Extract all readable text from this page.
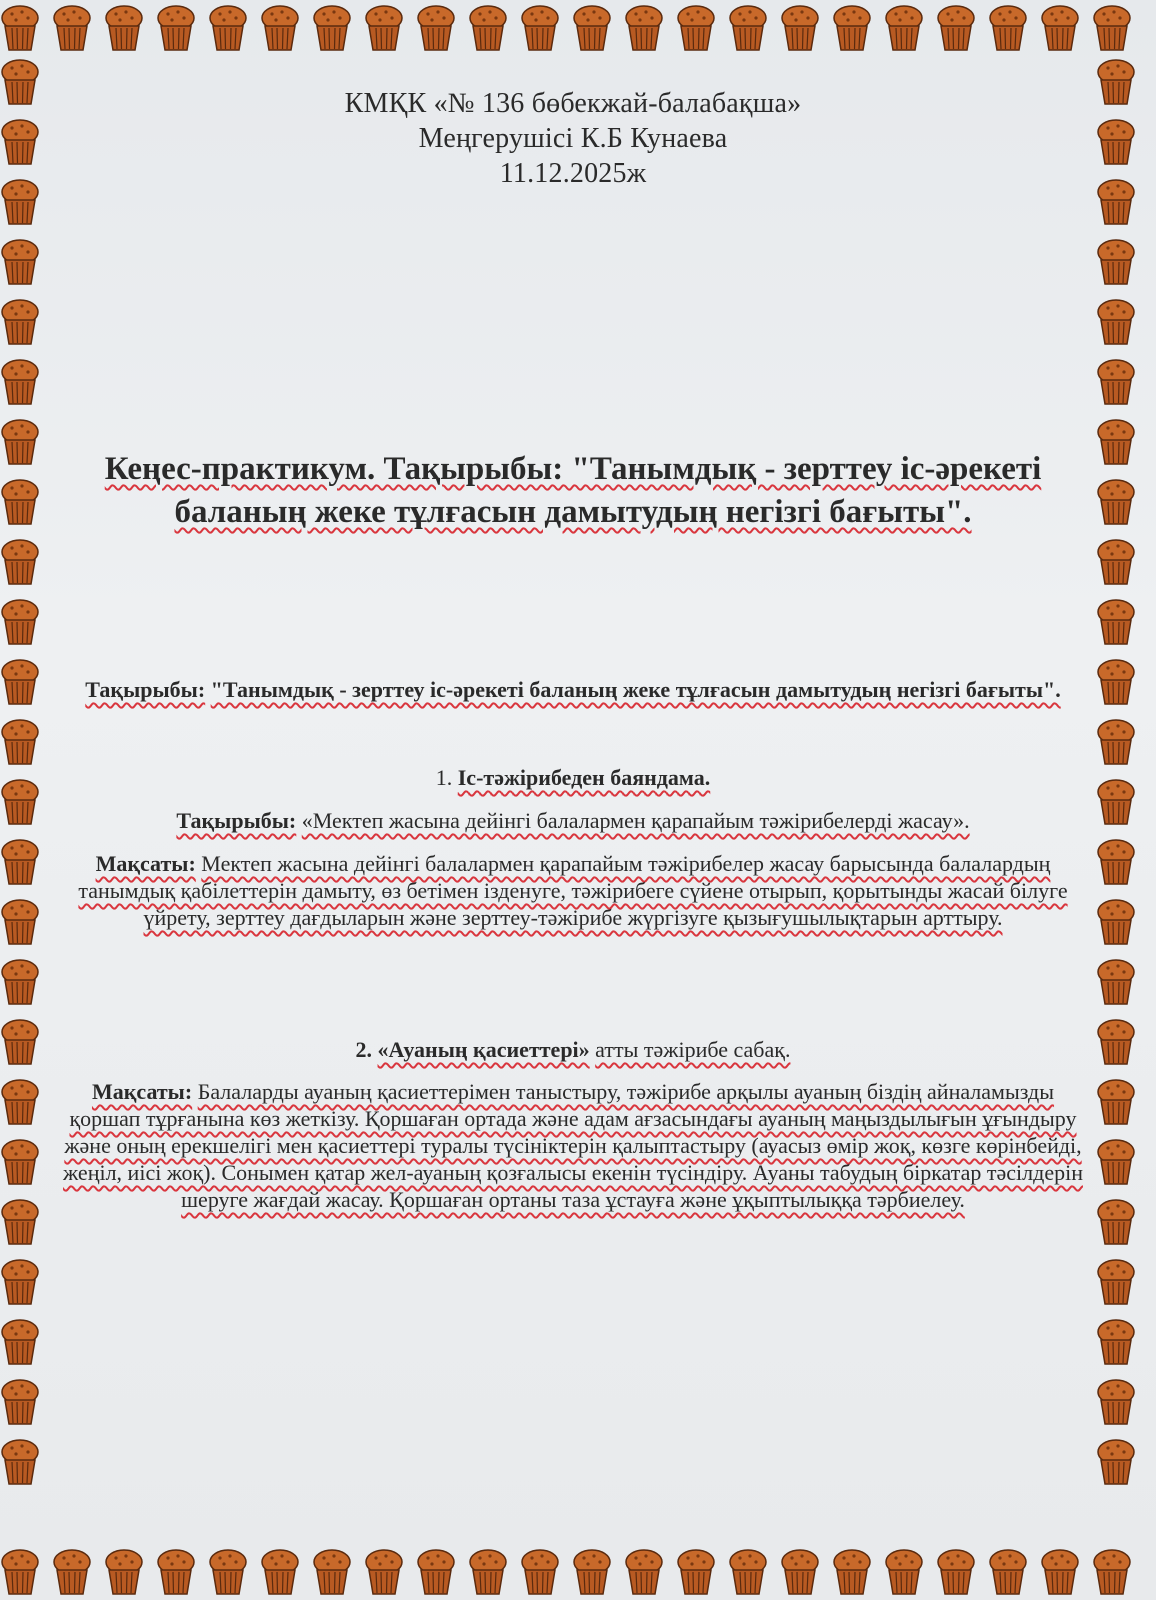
КМҚК «№ 136 бөбекжай-балабақша»
Меңгерушісі К.Б Кунаева
11.12.2025ж
Кеңес-практикум. Тақырыбы: "Танымдық - зерттеу іс-әрекеті баланың жеке тұлғасын дамытудың негізгі бағыты".
Тақырыбы: "Танымдық - зерттеу іс-әрекеті баланың жеке тұлғасын дамытудың негізгі бағыты".
1. Іс-тәжірибеден баяндама.
Тақырыбы: «Мектеп жасына дейінгі балалармен қарапайым тәжірибелерді жасау».
Мақсаты: Мектеп жасына дейінгі балалармен қарапайым тәжірибелер жасау барысында балалардың танымдық қабілеттерін дамыту, өз бетімен ізденуге, тәжірибеге сүйене отырып, қорытынды жасай білуге үйрету, зерттеу дағдыларын және зерттеу-тәжірибе жүргізуге қызығушылықтарын арттыру.
2. «Ауаның қасиеттері» атты тәжірибе сабақ.
Мақсаты: Балаларды ауаның қасиеттерімен таныстыру, тәжірибе арқылы ауаның біздің айналамызды қоршап тұрғанына көз жеткізу. Қоршаған ортада және адам ағзасындағы ауаның маңыздылығын ұғындыру және оның ерекшелігі мен қасиеттері туралы түсініктерін қалыптастыру (ауасыз өмір жоқ, көзге көрінбейді, жеңіл, иісі жоқ). Сонымен қатар жел-ауаның қозғалысы екенін түсіндіру. Ауаны табудың біркатар тәсілдерін шеруге жағдай жасау. Қоршаған ортаны таза ұстауға және ұқыптылыққа тәрбиелеу.
